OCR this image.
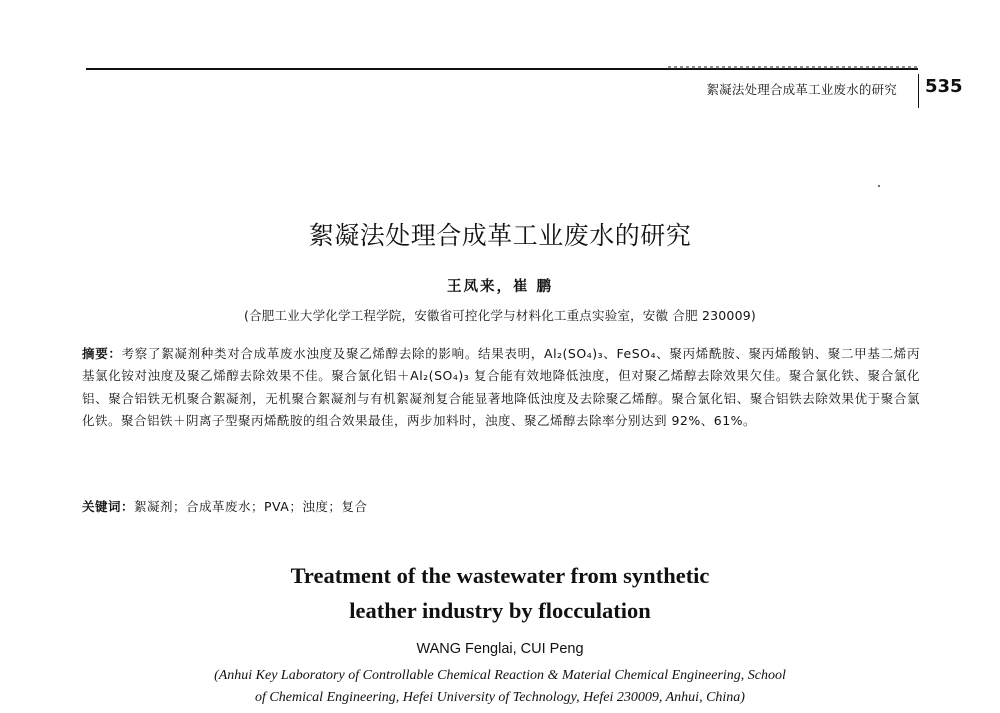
絮凝法处理合成革工业废水的研究	535
絮凝法处理合成革工业废水的研究
王凤来，崔 鹏
(合肥工业大学化学工程学院，安徽省可控化学与材料化工重点实验室，安徽 合肥 230009)

摘要：考察了絮凝剂种类对合成革废水浊度及聚乙烯醇去除的影响。结果表明，Al₂(SO₄)₃、FeSO₄、聚丙烯酰胺、聚丙烯酸钠、聚二甲基二烯丙基氯化铵对浊度及聚乙烯醇去除效果不佳。聚合氯化铝＋Al₂(SO₄)₃ 复合能有效地降低浊度，但对聚乙烯醇去除效果欠佳。聚合氯化铁、聚合氯化铝、聚合铝铁无机聚合絮凝剂，无机聚合絮凝剂与有机絮凝剂复合能显著地降低浊度及去除聚乙烯醇。聚合氯化铝、聚合铝铁去除效果优于聚合氯化铁。聚合铝铁＋阴离子型聚丙烯酰胺的组合效果最佳，两步加料时，浊度、聚乙烯醇去除率分别达到 92%、61%。

关键词：絮凝剂；合成革废水；PVA；浊度；复合

Treatment of the wastewater from synthetic
leather industry by flocculation
WANG Fenglai, CUI Peng
(Anhui Key Laboratory of Controllable Chemical Reaction & Material Chemical Engineering, School
of Chemical Engineering, Hefei University of Technology, Hefei 230009, Anhui, China)
